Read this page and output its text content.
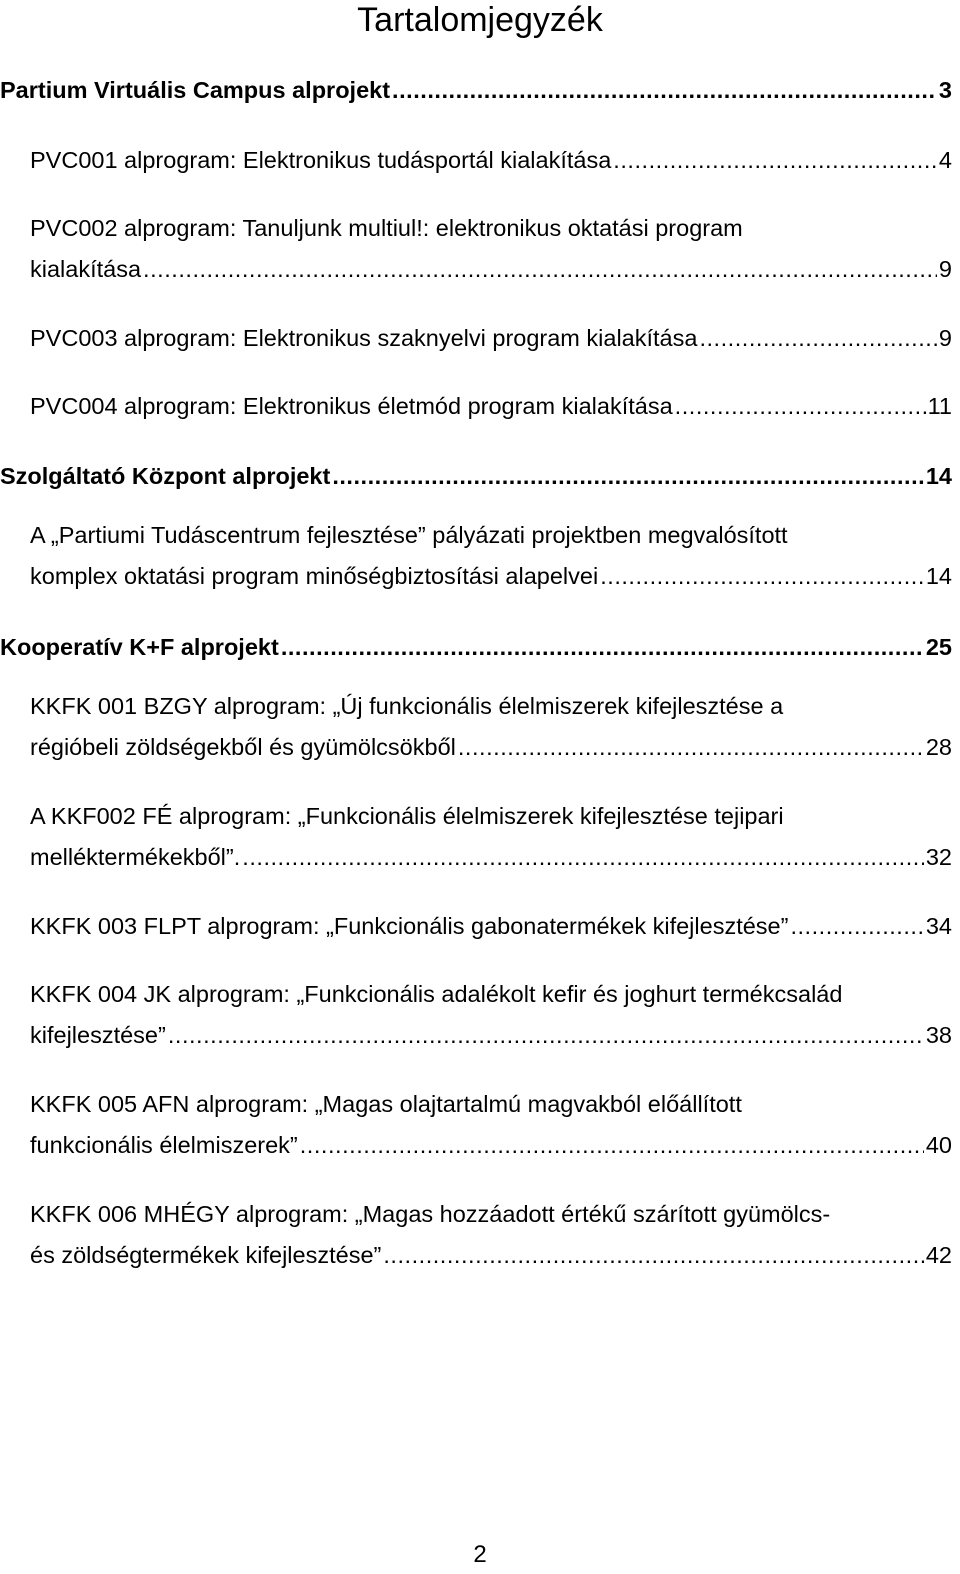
Tartalomjegyzék
Partium Virtuális Campus alprojekt . . .	3
PVC001 alprogram: Elektronikus tudásportál kialakítása . . .	4
PVC002 alprogram: Tanuljunk multiul!: elektronikus oktatási program
kialakítása . . .	9
PVC003 alprogram: Elektronikus szaknyelvi program kialakítása . . .	9
PVC004 alprogram: Elektronikus életmód program kialakítása . . .	11
Szolgáltató Központ alprojekt . . .	14
A „Partiumi Tudáscentrum fejlesztése” pályázati projektben megvalósított
komplex oktatási program minőségbiztosítási alapelvei . . .	14
Kooperatív K+F alprojekt . . .	25
KKFK 001 BZGY alprogram: „Új funkcionális élelmiszerek kifejlesztése a
régióbeli zöldségekből és gyümölcsökből . . .	28
A KKF002 FÉ alprogram: „Funkcionális élelmiszerek kifejlesztése tejipari
melléktermékekből”. . . .	32
KKFK 003 FLPT alprogram: „Funkcionális gabonatermékek kifejlesztése” . . .	34
KKFK 004 JK alprogram: „Funkcionális adalékolt kefir és joghurt termékcsalád
kifejlesztése” . . .	38
KKFK 005 AFN alprogram: „Magas olajtartalmú magvakból előállított
funkcionális élelmiszerek” . . .	40
KKFK 006 MHÉGY alprogram: „Magas hozzáadott értékű szárított gyümölcs-
és zöldségtermékek kifejlesztése” . . .	42
2
